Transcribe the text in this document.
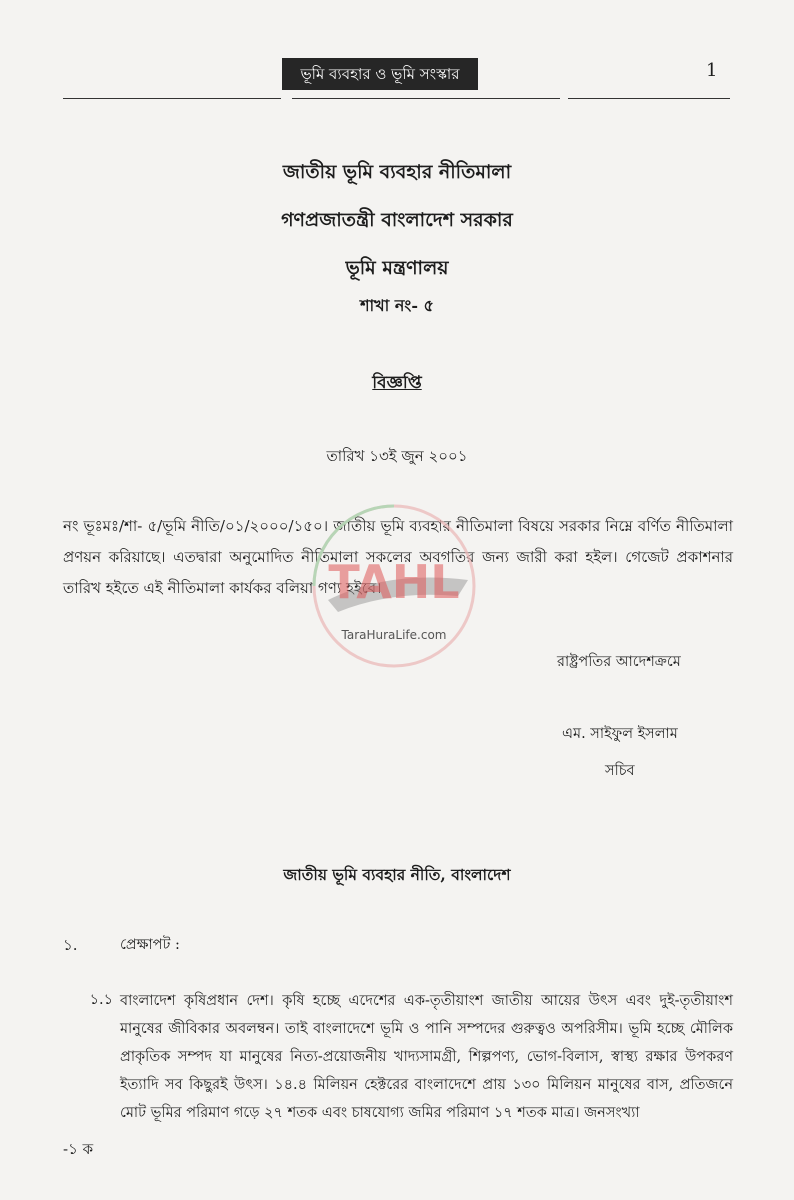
ভূমি ব্যবহার ও ভূমি সংস্কার	1
জাতীয় ভূমি ব্যবহার নীতিমালা
গণপ্রজাতন্ত্রী বাংলাদেশ সরকার
ভূমি মন্ত্রণালয়
শাখা নং- ৫
বিজ্ঞপ্তি
তারিখ ১৩ই জুন ২০০১
নং ভূঃমঃ/শা- ৫/ভূমি নীতি/০১/২০০০/১৫০। জাতীয় ভূমি ব্যবহার নীতিমালা বিষয়ে সরকার নিম্নে বর্ণিত নীতিমালা প্রণয়ন করিয়াছে। এতদ্বারা অনুমোদিত নীতিমালা সকলের অবগতির জন্য জারী করা হইল। গেজেট প্রকাশনার তারিখ হইতে এই নীতিমালা কার্যকর বলিয়া গণ্য হইবে।
রাষ্ট্রপতির আদেশক্রমে
এম. সাইফুল ইসলাম
সচিব
জাতীয় ভূমি ব্যবহার নীতি, বাংলাদেশ
১.	প্রেক্ষাপট :
১.১ বাংলাদেশ কৃষিপ্রধান দেশ। কৃষি হচ্ছে এদেশের এক-তৃতীয়াংশ জাতীয় আয়ের উৎস এবং দুই-তৃতীয়াংশ মানুষের জীবিকার অবলম্বন। তাই বাংলাদেশে ভূমি ও পানি সম্পদের গুরুত্বও অপরিসীম। ভূমি হচ্ছে মৌলিক প্রাকৃতিক সম্পদ যা মানুষের নিত্য-প্রয়োজনীয় খাদ্যসামগ্রী, শিল্পপণ্য, ভোগ-বিলাস, স্বাস্থ্য রক্ষার উপকরণ ইত্যাদি সব কিছুরই উৎস। ১৪.৪ মিলিয়ন হেক্টরের বাংলাদেশে প্রায় ১৩০ মিলিয়ন মানুষের বাস, প্রতিজনে মোট ভূমির পরিমাণ গড়ে ২৭ শতক এবং চাষযোগ্য জমির পরিমাণ ১৭ শতক মাত্র। জনসংখ্যা
-১ ক
TAHL
TaraHuraLife.com
